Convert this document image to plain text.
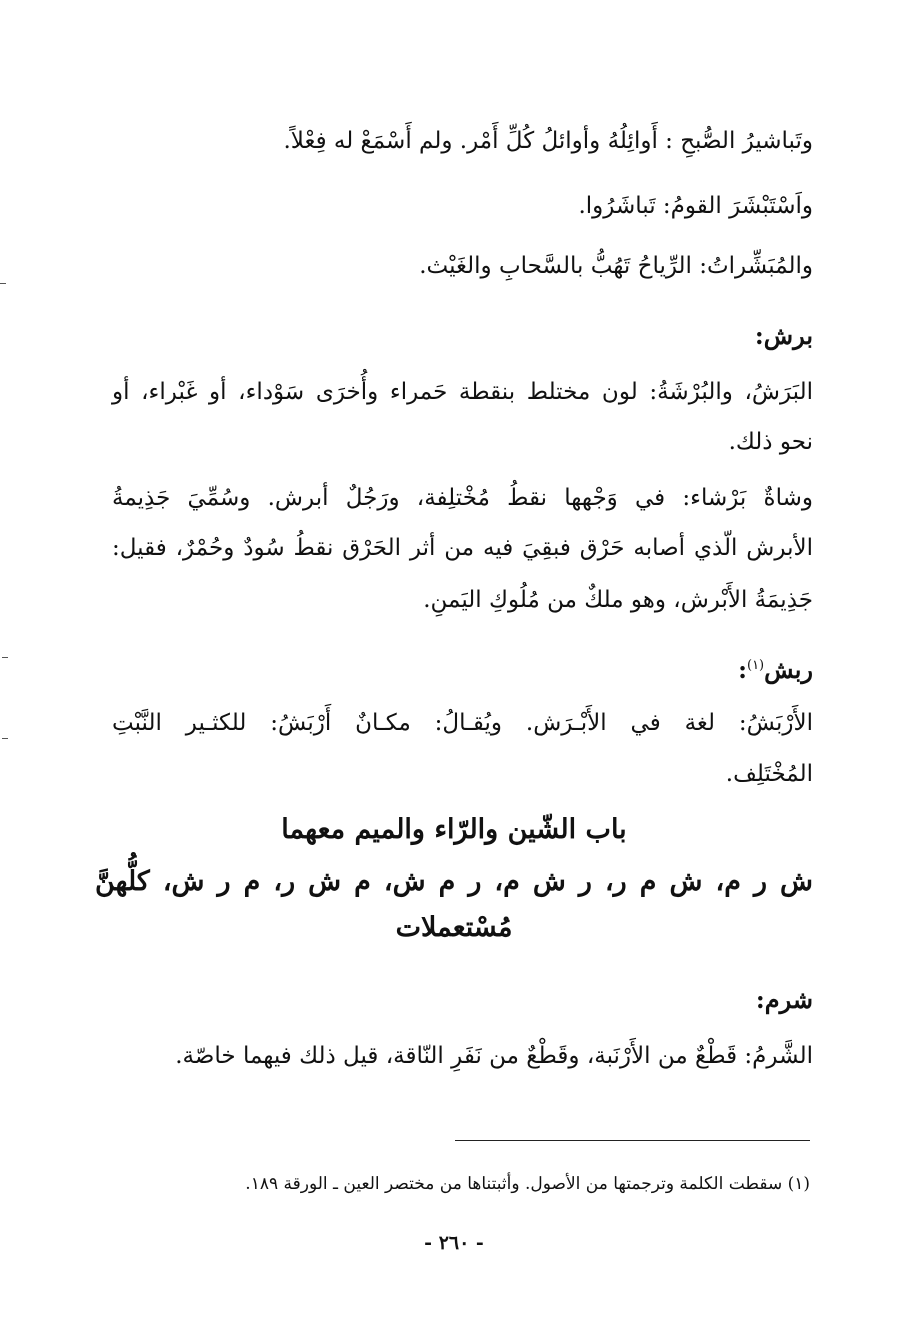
وتَباشيرُ الصُّبحِ : أَوائِلُهُ وأوائلُ كُلِّ أَمْر. ولم أَسْمَعْ له فِعْلاً.
واَسْتَبْشَرَ القومُ: تَباشَرُوا.
والمُبَشِّراتُ: الرِّياحُ تَهُبُّ بالسَّحابِ والغَيْث.
برش:
البَرَشُ، والبُرْشَةُ: لون مختلط بنقطة حَمراء وأُخرَى سَوْداء، أو غَبْراء، أو
نحو ذلك.
وشاةٌ بَرْشاء: في وَجْهها نقطُ مُخْتلِفة، ورَجُلٌ أبرش. وسُمِّيَ جَذِيمةُ
الأبرش الّذي أصابه حَرْق فبقِيَ فيه من أثر الحَرْق نقطُ سُودٌ وحُمْرٌ، فقيل:
جَذِيمَةُ الأَبْرش، وهو ملكٌ من مُلُوكِ اليَمنِ.
ربش$^{(١)}$:
الأَرْبَشُ: لغة في الأَبْـرَش. ويُقـالُ: مكـانٌ أَرْبَشُ: للكثـير النَّبْتِ
المُخْتَلِف.
باب الشّين والرّاء والميم معهما
ش ر م، ش م ر، ر ش م، ر م ش، م ش ر، م ر ش، كلُّهنَّ
مُسْتعملات
شرم:
الشَّرمُ: قَطْعٌ من الأَرْنَبة، وقَطْعٌ من نَفَرِ النّاقة، قيل ذلك فيهما خاصّة.
(١) سقطت الكلمة وترجمتها من الأصول. وأثبتناها من مختصر العين ـ الورقة ١٨٩.
- ٢٦٠ -
